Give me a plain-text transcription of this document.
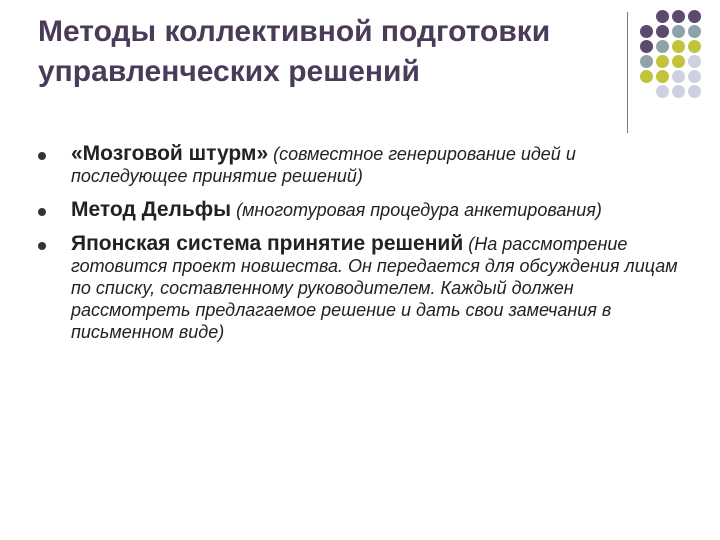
Методы коллективной подготовки управленческих решений
«Мозговой штурм» (совместное генерирование идей и последующее принятие решений)
Метод Дельфы (многотуровая процедура анкетирования)
Японская система принятие решений (На рассмотрение готовится проект новшества. Он передается для обсуждения лицам по списку, составленному руководителем. Каждый должен рассмотреть предлагаемое решение и дать свои замечания в письменном виде)
